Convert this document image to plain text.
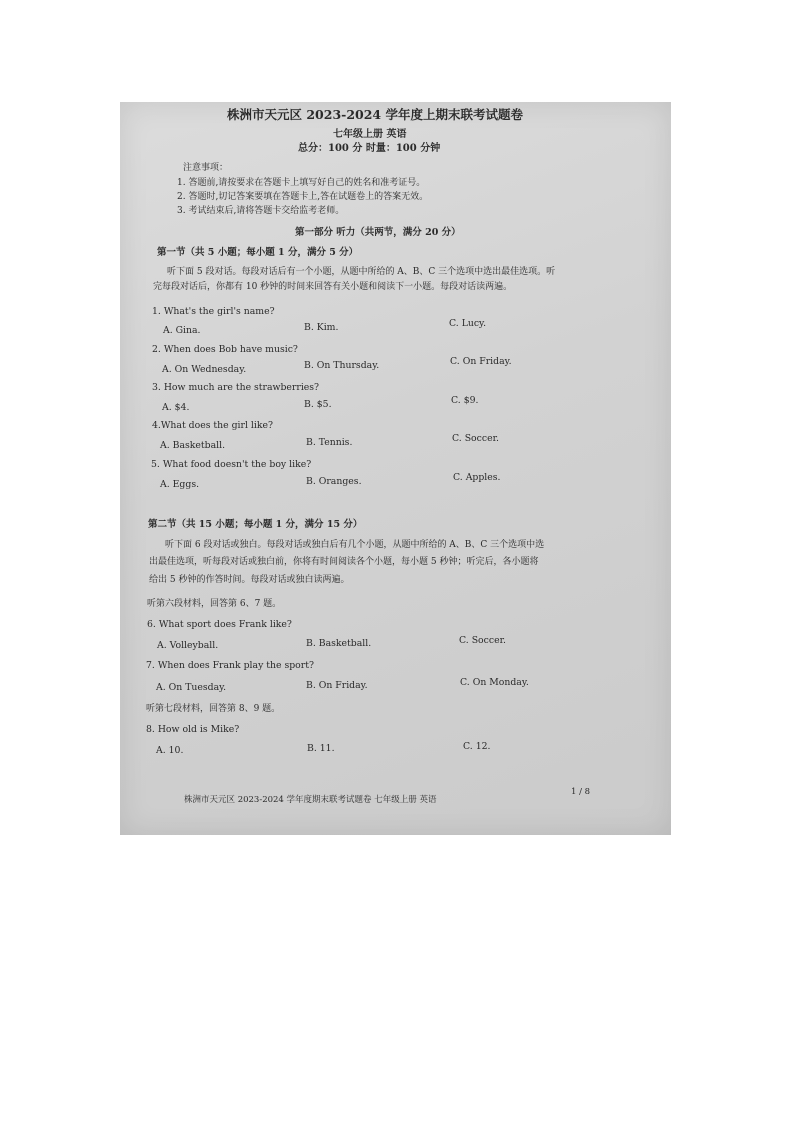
株洲市天元区 2023-2024 学年度上期末联考试题卷
七年级上册 英语
总分：100 分 时量：100 分钟
注意事项：
1. 答题前,请按要求在答题卡上填写好自己的姓名和准考证号。
2. 答题时,切记答案要填在答题卡上,答在试题卷上的答案无效。
3. 考试结束后,请将答题卡交给监考老师。
第一部分 听力（共两节，满分 20 分）
第一节（共 5 小题；每小题 1 分，满分 5 分）
听下面 5 段对话。每段对话后有一个小题，从题中所给的 A、B、C 三个选项中选出最佳选项。听
完每段对话后，你都有 10 秒钟的时间来回答有关小题和阅读下一小题。每段对话读两遍。
1. What's the girl's name?
A. Gina.	B. Kim.	C. Lucy.
2. When does Bob have music?
A. On Wednesday.	B. On Thursday.	C. On Friday.
3. How much are the strawberries?
A. $4.	B. $5.	C. $9.
4.What does the girl like?
A. Basketball.	B. Tennis.	C. Soccer.
5. What food doesn't the boy like?
A. Eggs.	B. Oranges.	C. Apples.
第二节（共 15 小题；每小题 1 分，满分 15 分）
听下面 6 段对话或独白。每段对话或独白后有几个小题，从题中所给的 A、B、C 三个选项中选
出最佳选项，听每段对话或独白前，你将有时间阅读各个小题，每小题 5 秒钟；听完后，各小题将
给出 5 秒钟的作答时间。每段对话或独白读两遍。
听第六段材料，回答第 6、7 题。
6. What sport does Frank like?
A. Volleyball.	B. Basketball.	C. Soccer.
7. When does Frank play the sport?
A. On Tuesday.	B. On Friday.	C. On Monday.
听第七段材料，回答第 8、9 题。
8. How old is Mike?
A. 10.	B. 11.	C. 12.
株洲市天元区 2023-2024 学年度期末联考试题卷 七年级上册 英语
1 / 8
